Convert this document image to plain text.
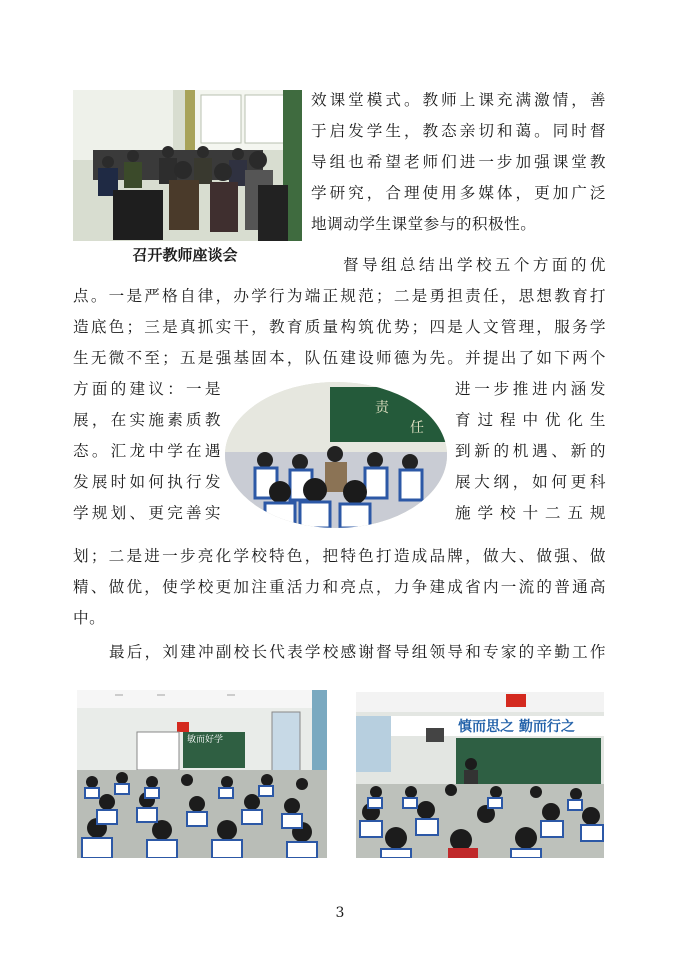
召开教师座谈会
效课堂模式。教师上课充满激情，善
于启发学生，教态亲切和蔼。同时督
导组也希望老师们进一步加强课堂教
学研究，合理使用多媒体，更加广泛
地调动学生课堂参与的积极性。
督导组总结出学校五个方面的优
点。一是严格自律，办学行为端正规范；二是勇担责任，思想教育打
造底色；三是真抓实干，教育质量构筑优势；四是人文管理，服务学
生无微不至；五是强基固本，队伍建设师德为先。并提出了如下两个
方面的建议：一是
展，在实施素质教
态。汇龙中学在遇
发展时如何执行发
学规划、更完善实
进一步推进内涵发
育过程中优化生
到新的机遇、新的
展大纲，如何更科
施学校十二五规
责
任
划；二是进一步亮化学校特色，把特色打造成品牌，做大、做强、做
精、做优，使学校更加注重活力和亮点，力争建成省内一流的普通高
中。
最后，刘建冲副校长代表学校感谢督导组领导和专家的辛勤工作
敏而好学
慎而思之 勤而行之
3
